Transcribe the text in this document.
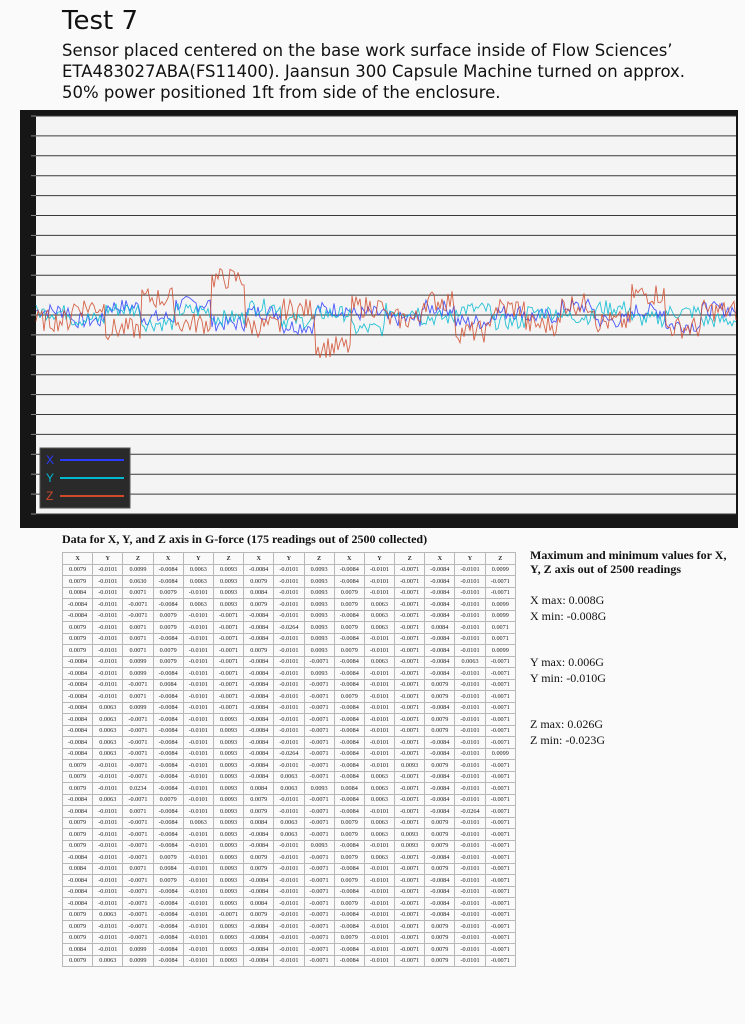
Test 7
Sensor placed centered on the base work surface inside of Flow Sciences’ ETA483027ABA(FS11400). Jaansun 300 Capsule Machine turned on approx. 50% power positioned 1ft from side of the enclosure.
X
Y
Z
Data for X, Y, and Z axis in G-force (175 readings out of 2500 collected)
X	Y	Z	X	Y	Z	X	Y	Z	X	Y	Z	X	Y	Z
0.0079	-0.0101	0.0099	-0.0084	0.0063	0.0093	-0.0084	-0.0101	0.0093	-0.0084	-0.0101	-0.0071	-0.0084	-0.0101	0.0099
0.0079	-0.0101	0.0630	-0.0084	0.0063	0.0093	0.0079	-0.0101	0.0093	-0.0084	-0.0101	-0.0071	-0.0084	-0.0101	-0.0071
0.0084	-0.0101	0.0071	0.0079	-0.0101	0.0093	0.0084	-0.0101	0.0093	0.0079	-0.0101	-0.0071	-0.0084	-0.0101	-0.0071
-0.0084	-0.0101	-0.0071	-0.0084	0.0063	0.0093	0.0079	-0.0101	0.0093	0.0079	0.0063	-0.0071	-0.0084	-0.0101	0.0099
-0.0084	-0.0101	-0.0071	0.0079	-0.0101	-0.0071	-0.0084	-0.0101	0.0093	-0.0084	0.0063	-0.0071	-0.0084	-0.0101	0.0099
0.0079	-0.0101	0.0071	0.0079	-0.0101	-0.0071	-0.0084	-0.0264	0.0093	0.0079	0.0063	-0.0071	0.0084	-0.0101	0.0071
0.0079	-0.0101	0.0071	-0.0084	-0.0101	-0.0071	-0.0084	-0.0101	0.0093	-0.0084	-0.0101	-0.0071	-0.0084	-0.0101	0.0071
0.0079	-0.0101	0.0071	0.0079	-0.0101	-0.0071	0.0079	-0.0101	0.0093	0.0079	-0.0101	-0.0071	-0.0084	-0.0101	0.0099
-0.0084	-0.0101	0.0099	0.0079	-0.0101	-0.0071	-0.0084	-0.0101	-0.0071	-0.0084	0.0063	-0.0071	-0.0084	0.0063	-0.0071
-0.0084	-0.0101	0.0099	-0.0084	-0.0101	-0.0071	-0.0084	-0.0101	0.0093	-0.0084	-0.0101	-0.0071	-0.0084	-0.0101	-0.0071
-0.0084	-0.0101	-0.0071	0.0084	-0.0101	-0.0071	-0.0084	-0.0101	-0.0071	-0.0084	-0.0101	-0.0071	0.0079	-0.0101	-0.0071
-0.0084	-0.0101	0.0071	-0.0084	-0.0101	-0.0071	-0.0084	-0.0101	-0.0071	0.0079	-0.0101	-0.0071	0.0079	-0.0101	-0.0071
-0.0084	0.0063	0.0099	-0.0084	-0.0101	-0.0071	-0.0084	-0.0101	-0.0071	-0.0084	-0.0101	-0.0071	-0.0084	-0.0101	-0.0071
-0.0084	0.0063	-0.0071	-0.0084	-0.0101	0.0093	-0.0084	-0.0101	-0.0071	-0.0084	-0.0101	-0.0071	0.0079	-0.0101	-0.0071
-0.0084	0.0063	-0.0071	-0.0084	-0.0101	0.0093	-0.0084	-0.0101	-0.0071	-0.0084	-0.0101	-0.0071	0.0079	-0.0101	-0.0071
-0.0084	0.0063	-0.0071	-0.0084	-0.0101	0.0093	-0.0084	-0.0101	-0.0071	-0.0084	-0.0101	-0.0071	-0.0084	-0.0101	-0.0071
-0.0084	0.0063	-0.0071	-0.0084	-0.0101	0.0093	-0.0084	-0.0264	-0.0071	-0.0084	-0.0101	-0.0071	-0.0084	-0.0101	0.0099
0.0079	-0.0101	-0.0071	-0.0084	-0.0101	0.0093	-0.0084	-0.0101	-0.0071	-0.0084	-0.0101	0.0093	0.0079	-0.0101	-0.0071
0.0079	-0.0101	-0.0071	-0.0084	-0.0101	0.0093	-0.0084	0.0063	-0.0071	-0.0084	0.0063	-0.0071	-0.0084	-0.0101	-0.0071
0.0079	-0.0101	0.0234	-0.0084	-0.0101	0.0093	0.0084	0.0063	0.0093	0.0084	0.0063	-0.0071	-0.0084	-0.0101	-0.0071
-0.0084	0.0063	-0.0071	0.0079	-0.0101	0.0093	0.0079	-0.0101	-0.0071	-0.0084	0.0063	-0.0071	-0.0084	-0.0101	-0.0071
-0.0084	-0.0101	0.0071	-0.0084	-0.0101	0.0093	0.0079	-0.0101	-0.0071	-0.0084	-0.0101	-0.0071	-0.0084	-0.0264	-0.0071
0.0079	-0.0101	-0.0071	-0.0084	0.0063	0.0093	0.0084	0.0063	-0.0071	0.0079	0.0063	-0.0071	0.0079	-0.0101	-0.0071
0.0079	-0.0101	-0.0071	-0.0084	-0.0101	0.0093	-0.0084	0.0063	-0.0071	0.0079	0.0063	0.0093	0.0079	-0.0101	-0.0071
0.0079	-0.0101	-0.0071	-0.0084	-0.0101	0.0093	-0.0084	-0.0101	0.0093	-0.0084	-0.0101	0.0093	0.0079	-0.0101	-0.0071
-0.0084	-0.0101	-0.0071	0.0079	-0.0101	0.0093	0.0079	-0.0101	-0.0071	0.0079	0.0063	-0.0071	-0.0084	-0.0101	-0.0071
0.0084	-0.0101	0.0071	0.0084	-0.0101	0.0093	0.0079	-0.0101	-0.0071	-0.0084	-0.0101	-0.0071	0.0079	-0.0101	-0.0071
-0.0084	-0.0101	-0.0071	0.0079	-0.0101	0.0093	-0.0084	-0.0101	-0.0071	0.0079	-0.0101	-0.0071	-0.0084	-0.0101	-0.0071
-0.0084	-0.0101	-0.0071	-0.0084	-0.0101	0.0093	-0.0084	-0.0101	-0.0071	-0.0084	-0.0101	-0.0071	-0.0084	-0.0101	-0.0071
-0.0084	-0.0101	-0.0071	-0.0084	-0.0101	0.0093	0.0084	-0.0101	-0.0071	0.0079	-0.0101	-0.0071	-0.0084	-0.0101	-0.0071
0.0079	0.0063	-0.0071	-0.0084	-0.0101	-0.0071	0.0079	-0.0101	-0.0071	-0.0084	-0.0101	-0.0071	-0.0084	-0.0101	-0.0071
0.0079	-0.0101	-0.0071	-0.0084	-0.0101	0.0093	-0.0084	-0.0101	-0.0071	-0.0084	-0.0101	-0.0071	0.0079	-0.0101	-0.0071
0.0079	-0.0101	-0.0071	-0.0084	-0.0101	0.0093	-0.0084	-0.0101	-0.0071	0.0079	-0.0101	-0.0071	0.0079	-0.0101	-0.0071
0.0084	-0.0101	0.0099	-0.0084	-0.0101	0.0093	-0.0084	-0.0101	-0.0071	-0.0084	-0.0101	-0.0071	0.0079	-0.0101	-0.0071
0.0079	0.0063	0.0099	-0.0084	-0.0101	0.0093	-0.0084	-0.0101	-0.0071	-0.0084	-0.0101	-0.0071	0.0079	-0.0101	-0.0071
Maximum and minimum values for X, Y, Z axis out of 2500 readings
X max: 0.008G
X min: -0.008G
Y max: 0.006G
Y min: -0.010G
Z max: 0.026G
Z min: -0.023G
